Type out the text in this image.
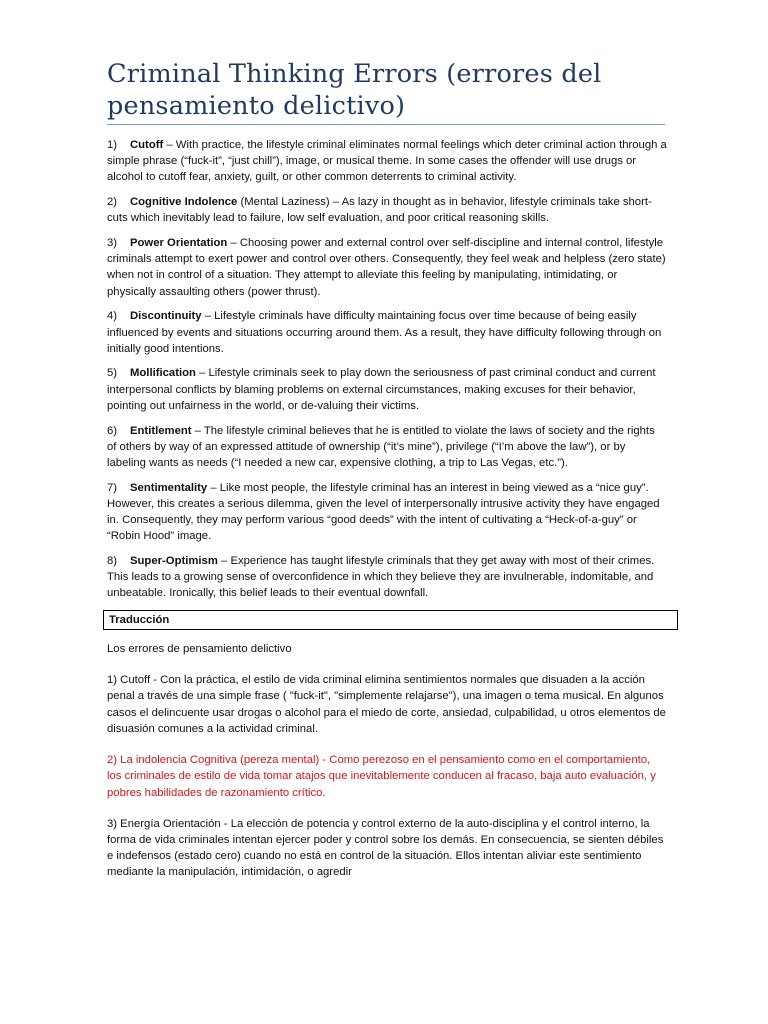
Criminal Thinking Errors (errores del pensamiento delictivo)
1) Cutoff – With practice, the lifestyle criminal eliminates normal feelings which deter criminal action through a simple phrase (“fuck-it”, “just chill”), image, or musical theme. In some cases the offender will use drugs or alcohol to cutoff fear, anxiety, guilt, or other common deterrents to criminal activity.
2) Cognitive Indolence (Mental Laziness) – As lazy in thought as in behavior, lifestyle criminals take short-cuts which inevitably lead to failure, low self evaluation, and poor critical reasoning skills.
3) Power Orientation – Choosing power and external control over self-discipline and internal control, lifestyle criminals attempt to exert power and control over others. Consequently, they feel weak and helpless (zero state) when not in control of a situation. They attempt to alleviate this feeling by manipulating, intimidating, or physically assaulting others (power thrust).
4) Discontinuity – Lifestyle criminals have difficulty maintaining focus over time because of being easily influenced by events and situations occurring around them. As a result, they have difficulty following through on initially good intentions.
5) Mollification – Lifestyle criminals seek to play down the seriousness of past criminal conduct and current interpersonal conflicts by blaming problems on external circumstances, making excuses for their behavior, pointing out unfairness in the world, or de-valuing their victims.
6) Entitlement – The lifestyle criminal believes that he is entitled to violate the laws of society and the rights of others by way of an expressed attitude of ownership (“it’s mine”), privilege (“I’m above the law”), or by labeling wants as needs (“I needed a new car, expensive clothing, a trip to Las Vegas, etc.”).
7) Sentimentality – Like most people, the lifestyle criminal has an interest in being viewed as a “nice guy”. However, this creates a serious dilemma, given the level of interpersonally intrusive activity they have engaged in. Consequently, they may perform various “good deeds” with the intent of cultivating a “Heck-of-a-guy” or “Robin Hood” image.
8) Super-Optimism – Experience has taught lifestyle criminals that they get away with most of their crimes. This leads to a growing sense of overconfidence in which they believe they are invulnerable, indomitable, and unbeatable. Ironically, this belief leads to their eventual downfall.
Traducción
Los errores de pensamiento delictivo
1) Cutoff - Con la práctica, el estilo de vida criminal elimina sentimientos normales que disuaden a la acción penal a través de una simple frase ( "fuck-it", "simplemente relajarse"), una imagen o tema musical. En algunos casos el delincuente usar drogas o alcohol para el miedo de corte, ansiedad, culpabilidad, u otros elementos de disuasión comunes a la actividad criminal.
2) La indolencia Cognitiva (pereza mental) - Como perezoso en el pensamiento como en el comportamiento, los criminales de estilo de vida tomar atajos que inevitablemente conducen al fracaso, baja auto evaluación, y pobres habilidades de razonamiento crítico.
3) Energía Orientación - La elección de potencia y control externo de la auto-disciplina y el control interno, la forma de vida criminales intentan ejercer poder y control sobre los demás. En consecuencia, se sienten débiles e indefensos (estado cero) cuando no está en control de la situación. Ellos intentan aliviar este sentimiento mediante la manipulación, intimidación, o agredir
